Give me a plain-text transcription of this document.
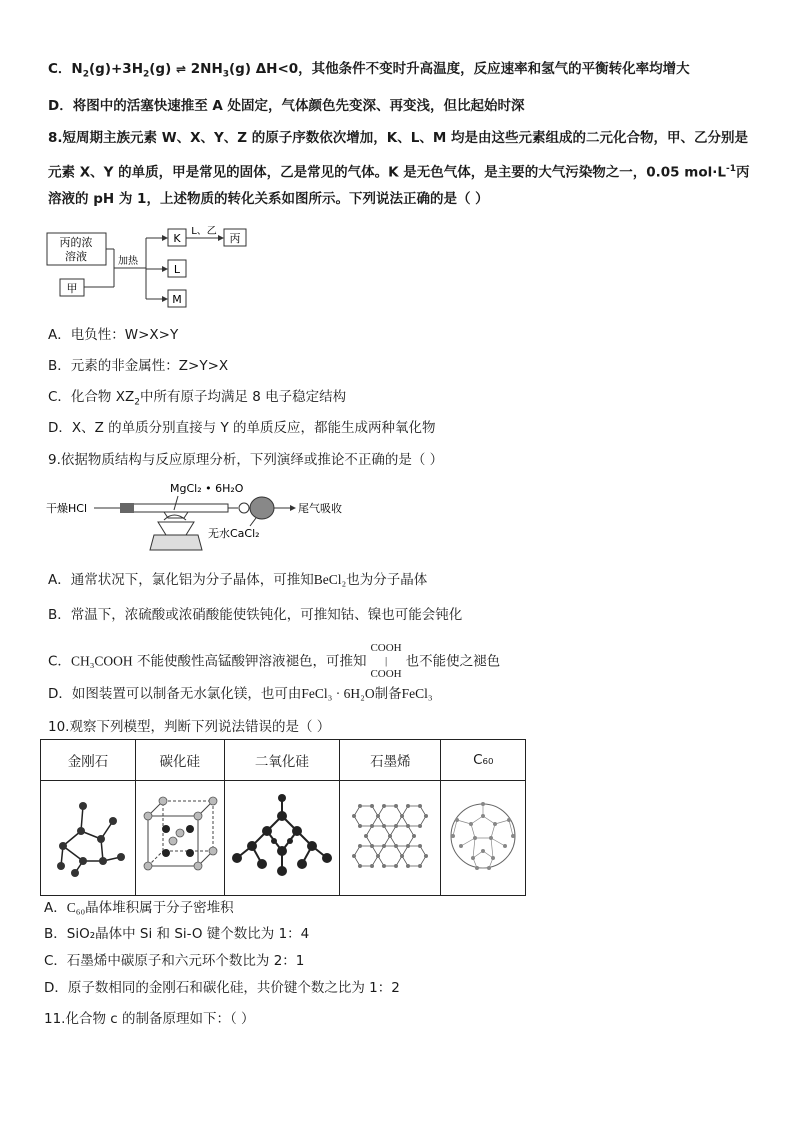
C．$N_2(g)+3H_2(g)$ ⇌ $2NH_3(g)$ ΔH<0，其他条件不变时升高温度，反应速率和氢气的平衡转化率均增大
D．将图中的活塞快速推至 A 处固定，气体颜色先变深、再变浅，但比起始时深
8.短周期主族元素 W、X、Y、Z 的原子序数依次增加，K、L、M 均是由这些元素组成的二元化合物，甲、乙分别是
元素 X、Y 的单质，甲是常见的固体，乙是常见的气体。K 是无色气体，是主要的大气污染物之一，0.05 $mol\cdot L^{-1}$丙
溶液的 pH 为 1，上述物质的转化关系如图所示。下列说法正确的是（ ）
丙的浓
溶液
甲
加热
K
L
M
L、乙
丙
A．电负性：W>X>Y
B．元素的非金属性：Z>Y>X
C．化合物 $XZ_2$中所有原子均满足 8 电子稳定结构
D．X、Z 的单质分别直接与 Y 的单质反应，都能生成两种氧化物
9.依据物质结构与反应原理分析，下列演绎或推论不正确的是（ ）
干燥HCl
MgCl₂ • 6H₂O
尾气吸收
无水CaCl₂
A．通常状况下，氯化铝为分子晶体，可推知BeCl₂也为分子晶体
B．常温下，浓硫酸或浓硝酸能使铁钝化，可推知钴、镍也可能会钝化
C．CH₃COOH 不能使酸性高锰酸钾溶液褪色，可推知COOH
|
COOH也不能使之褪色
D．如图装置可以制备无水氯化镁，也可由FeCl₃ · 6H₂O制备FeCl₃
10.观察下列模型，判断下列说法错误的是（ ）
金刚石	碳化硅	二氧化硅	石墨烯	C₆₀

A．C₆₀晶体堆积属于分子密堆积
B．SiO₂晶体中 Si 和 Si-O 键个数比为 1：4
C．石墨烯中碳原子和六元环个数比为 2：1
D．原子数相同的金刚石和碳化硅，共价键个数之比为 1：2
11.化合物 c 的制备原理如下：（ ）
